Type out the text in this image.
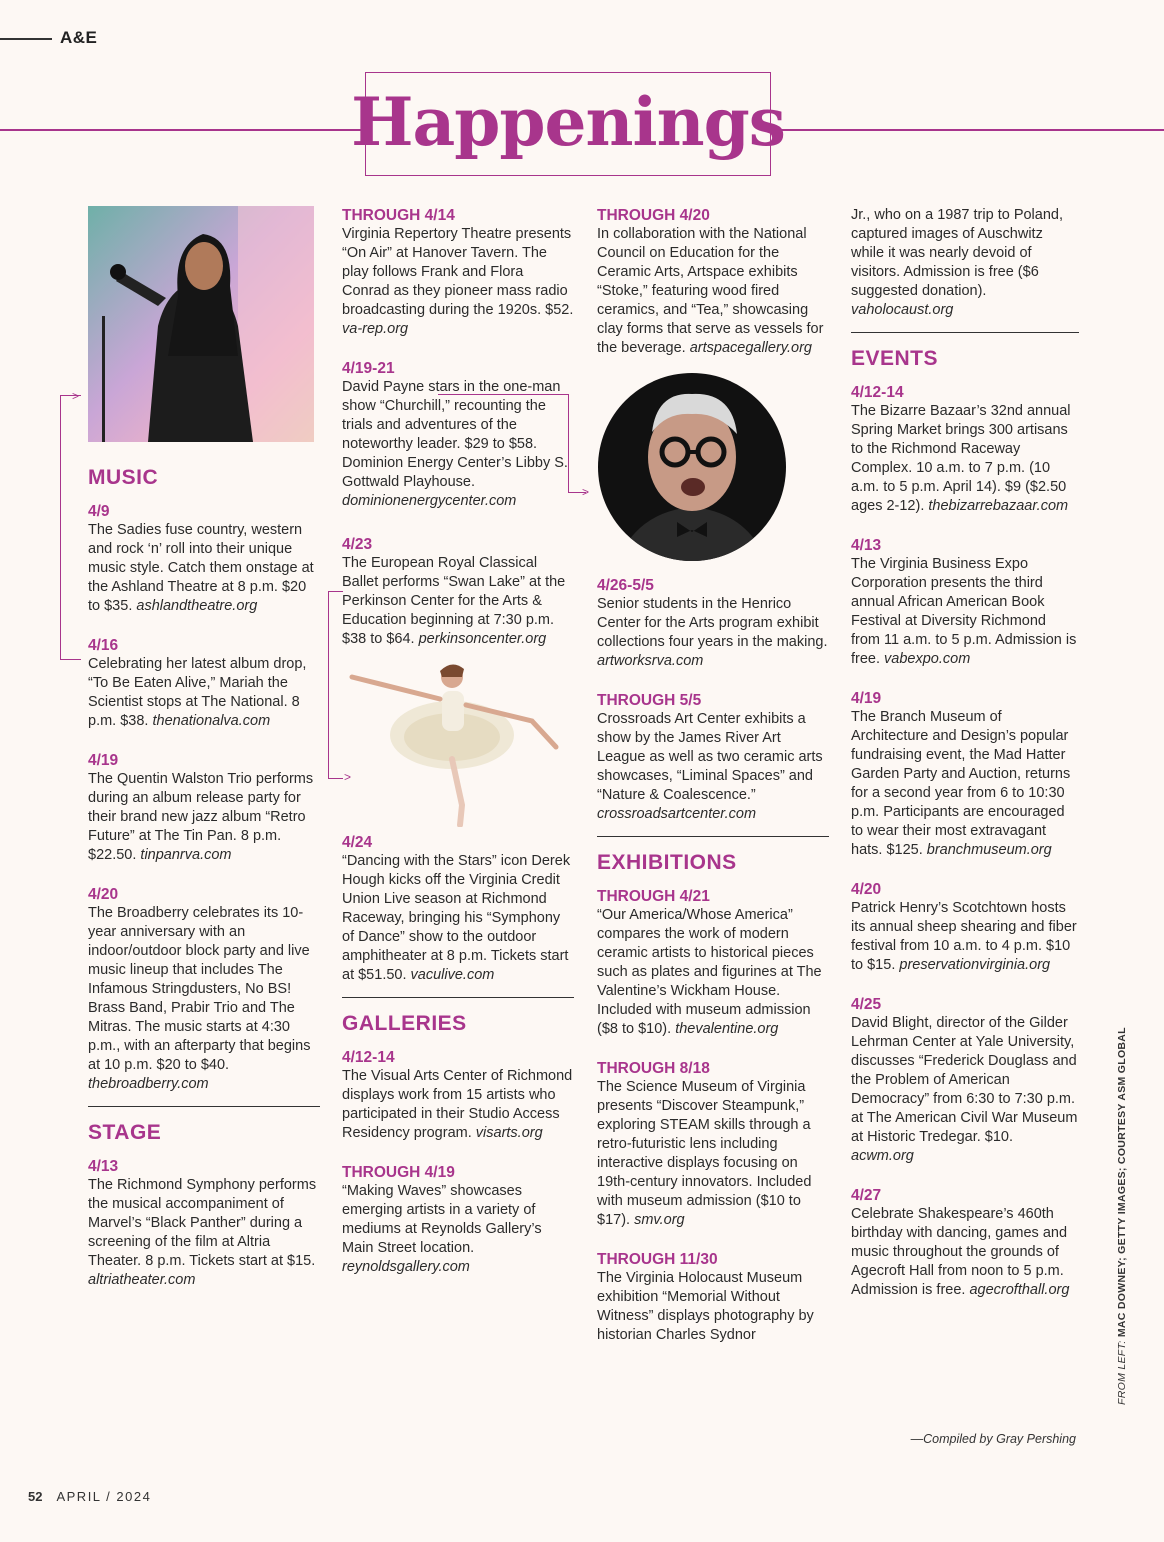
A&E
Happenings
MUSIC

4/9

The Sadies fuse country, western and rock ‘n’ roll into their unique music style. Catch them onstage at the Ashland Theatre at 8 p.m. $20 to $35. ashlandtheatre.org

4/16

Celebrating her latest album drop, “To Be Eaten Alive,” Mariah the Scientist stops at The National. 8 p.m. $38. thenationalva.com

4/19

The Quentin Walston Trio performs during an album release party for their brand new jazz album “Retro Future” at The Tin Pan. 8 p.m. $22.50. tinpanrva.com

4/20

The Broadberry celebrates its 10-year anniversary with an indoor/outdoor block party and live music lineup that includes The Infamous Stringdusters, No BS! Brass Band, Prabir Trio and The Mitras. The music starts at 4:30 p.m., with an afterparty that begins at 10 p.m. $20 to $40. thebroadberry.com

STAGE

4/13

The Richmond Symphony performs the musical accompaniment of Marvel’s “Black Panther” during a screening of the film at Altria Theater. 8 p.m. Tickets start at $15. altriatheater.com

>

THROUGH 4/14

Virginia Repertory Theatre presents “On Air” at Hanover Tavern. The play follows Frank and Flora Conrad as they pioneer mass radio broadcasting during the 1920s. $52. va-rep.org

4/19-21

David Payne stars in the one-man show “Churchill,” recounting the trials and adventures of the noteworthy leader. $29 to $58. Dominion Energy Center’s Libby S. Gottwald Playhouse. dominionenergycenter.com

4/23

The European Royal Classical Ballet performs “Swan Lake” at the Perkinson Center for the Arts & Education beginning at 7:30 p.m. $38 to $64. perkinsoncenter.org

4/24

“Dancing with the Stars” icon Derek Hough kicks off the Virginia Credit Union Live season at Richmond Raceway, bringing his “Symphony of Dance” show to the outdoor amphitheater at 8 p.m. Tickets start at $51.50. vaculive.com

GALLERIES

4/12-14

The Visual Arts Center of Richmond displays work from 15 artists who participated in their Studio Access Residency program. visarts.org

THROUGH 4/19

“Making Waves” showcases emerging artists in a variety of mediums at Reynolds Gallery’s Main Street location. reynoldsgallery.com

>
>

THROUGH 4/20

In collaboration with the National Council on Education for the Ceramic Arts, Artspace exhibits “Stoke,” featuring wood fired ceramics, and “Tea,” showcasing clay forms that serve as vessels for the beverage. artspacegallery.org

4/26-5/5

Senior students in the Henrico Center for the Arts program exhibit collections four years in the making. artworksrva.com

THROUGH 5/5

Crossroads Art Center exhibits a show by the James River Art League as well as two ceramic arts showcases, “Liminal Spaces” and “Nature & Coalescence.” crossroadsartcenter.com

EXHIBITIONS

THROUGH 4/21

“Our America/Whose America” compares the work of modern ceramic artists to historical pieces such as plates and figurines at The Valentine’s Wickham House. Included with museum admission ($8 to $10). thevalentine.org

THROUGH 8/18

The Science Museum of Virginia presents “Discover Steampunk,” exploring STEAM skills through a retro-futuristic lens including interactive displays focusing on 19th-century innovators. Included with museum admission ($10 to $17). smv.org

THROUGH 11/30

The Virginia Holocaust Museum exhibition “Memorial Without Witness” displays photography by historian Charles Sydnor

Jr., who on a 1987 trip to Poland, captured images of Auschwitz while it was nearly devoid of visitors. Admission is free ($6 suggested donation). vaholocaust.org

EVENTS

4/12-14

The Bizarre Bazaar’s 32nd annual Spring Market brings 300 artisans to the Richmond Raceway Complex. 10 a.m. to 7 p.m. (10 a.m. to 5 p.m. April 14). $9 ($2.50 ages 2-12). thebizarrebazaar.com

4/13

The Virginia Business Expo Corporation presents the third annual African American Book Festival at Diversity Richmond from 11 a.m. to 5 p.m. Admission is free. vabexpo.com

4/19

The Branch Museum of Architecture and Design’s popular fundraising event, the Mad Hatter Garden Party and Auction, returns for a second year from 6 to 10:30 p.m. Participants are encouraged to wear their most extravagant hats. $125. branchmuseum.org

4/20

Patrick Henry’s Scotchtown hosts its annual sheep shearing and fiber festival from 10 a.m. to 4 p.m. $10 to $15. preservationvirginia.org

4/25

David Blight, director of the Gilder Lehrman Center at Yale University, discusses “Frederick Douglass and the Problem of American Democracy” from 6:30 to 7:30 p.m. at The American Civil War Museum at Historic Tredegar. $10. acwm.org

4/27

Celebrate Shakespeare’s 460th birthday with dancing, games and music throughout the grounds of Agecroft Hall from noon to 5 p.m. Admission is free. agecrofthall.org

—Compiled by Gray Pershing
FROM LEFT: MAC DOWNEY; GETTY IMAGES; COURTESY ASM GLOBAL
52 APRIL / 2024
